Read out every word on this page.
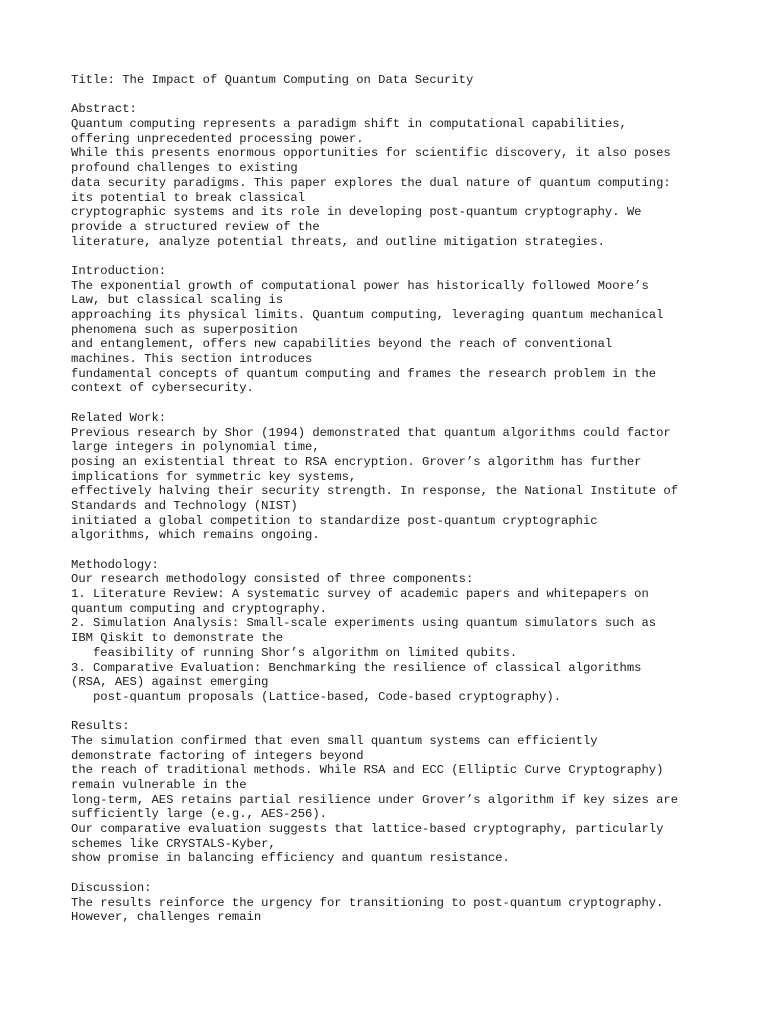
Title: The Impact of Quantum Computing on Data Security
Abstract:
Quantum computing represents a paradigm shift in computational capabilities,
offering unprecedented processing power.
While this presents enormous opportunities for scientific discovery, it also poses
profound challenges to existing
data security paradigms. This paper explores the dual nature of quantum computing:
its potential to break classical
cryptographic systems and its role in developing post-quantum cryptography. We
provide a structured review of the
literature, analyze potential threats, and outline mitigation strategies.
Introduction:
The exponential growth of computational power has historically followed Moore’s
Law, but classical scaling is
approaching its physical limits. Quantum computing, leveraging quantum mechanical
phenomena such as superposition
and entanglement, offers new capabilities beyond the reach of conventional
machines. This section introduces
fundamental concepts of quantum computing and frames the research problem in the
context of cybersecurity.
Related Work:
Previous research by Shor (1994) demonstrated that quantum algorithms could factor
large integers in polynomial time,
posing an existential threat to RSA encryption. Grover’s algorithm has further
implications for symmetric key systems,
effectively halving their security strength. In response, the National Institute of
Standards and Technology (NIST)
initiated a global competition to standardize post-quantum cryptographic
algorithms, which remains ongoing.
Methodology:
Our research methodology consisted of three components:
1. Literature Review: A systematic survey of academic papers and whitepapers on
quantum computing and cryptography.
2. Simulation Analysis: Small-scale experiments using quantum simulators such as
IBM Qiskit to demonstrate the
feasibility of running Shor’s algorithm on limited qubits.
3. Comparative Evaluation: Benchmarking the resilience of classical algorithms
(RSA, AES) against emerging
post-quantum proposals (Lattice-based, Code-based cryptography).
Results:
The simulation confirmed that even small quantum systems can efficiently
demonstrate factoring of integers beyond
the reach of traditional methods. While RSA and ECC (Elliptic Curve Cryptography)
remain vulnerable in the
long-term, AES retains partial resilience under Grover’s algorithm if key sizes are
sufficiently large (e.g., AES-256).
Our comparative evaluation suggests that lattice-based cryptography, particularly
schemes like CRYSTALS-Kyber,
show promise in balancing efficiency and quantum resistance.
Discussion:
The results reinforce the urgency for transitioning to post-quantum cryptography.
However, challenges remain
